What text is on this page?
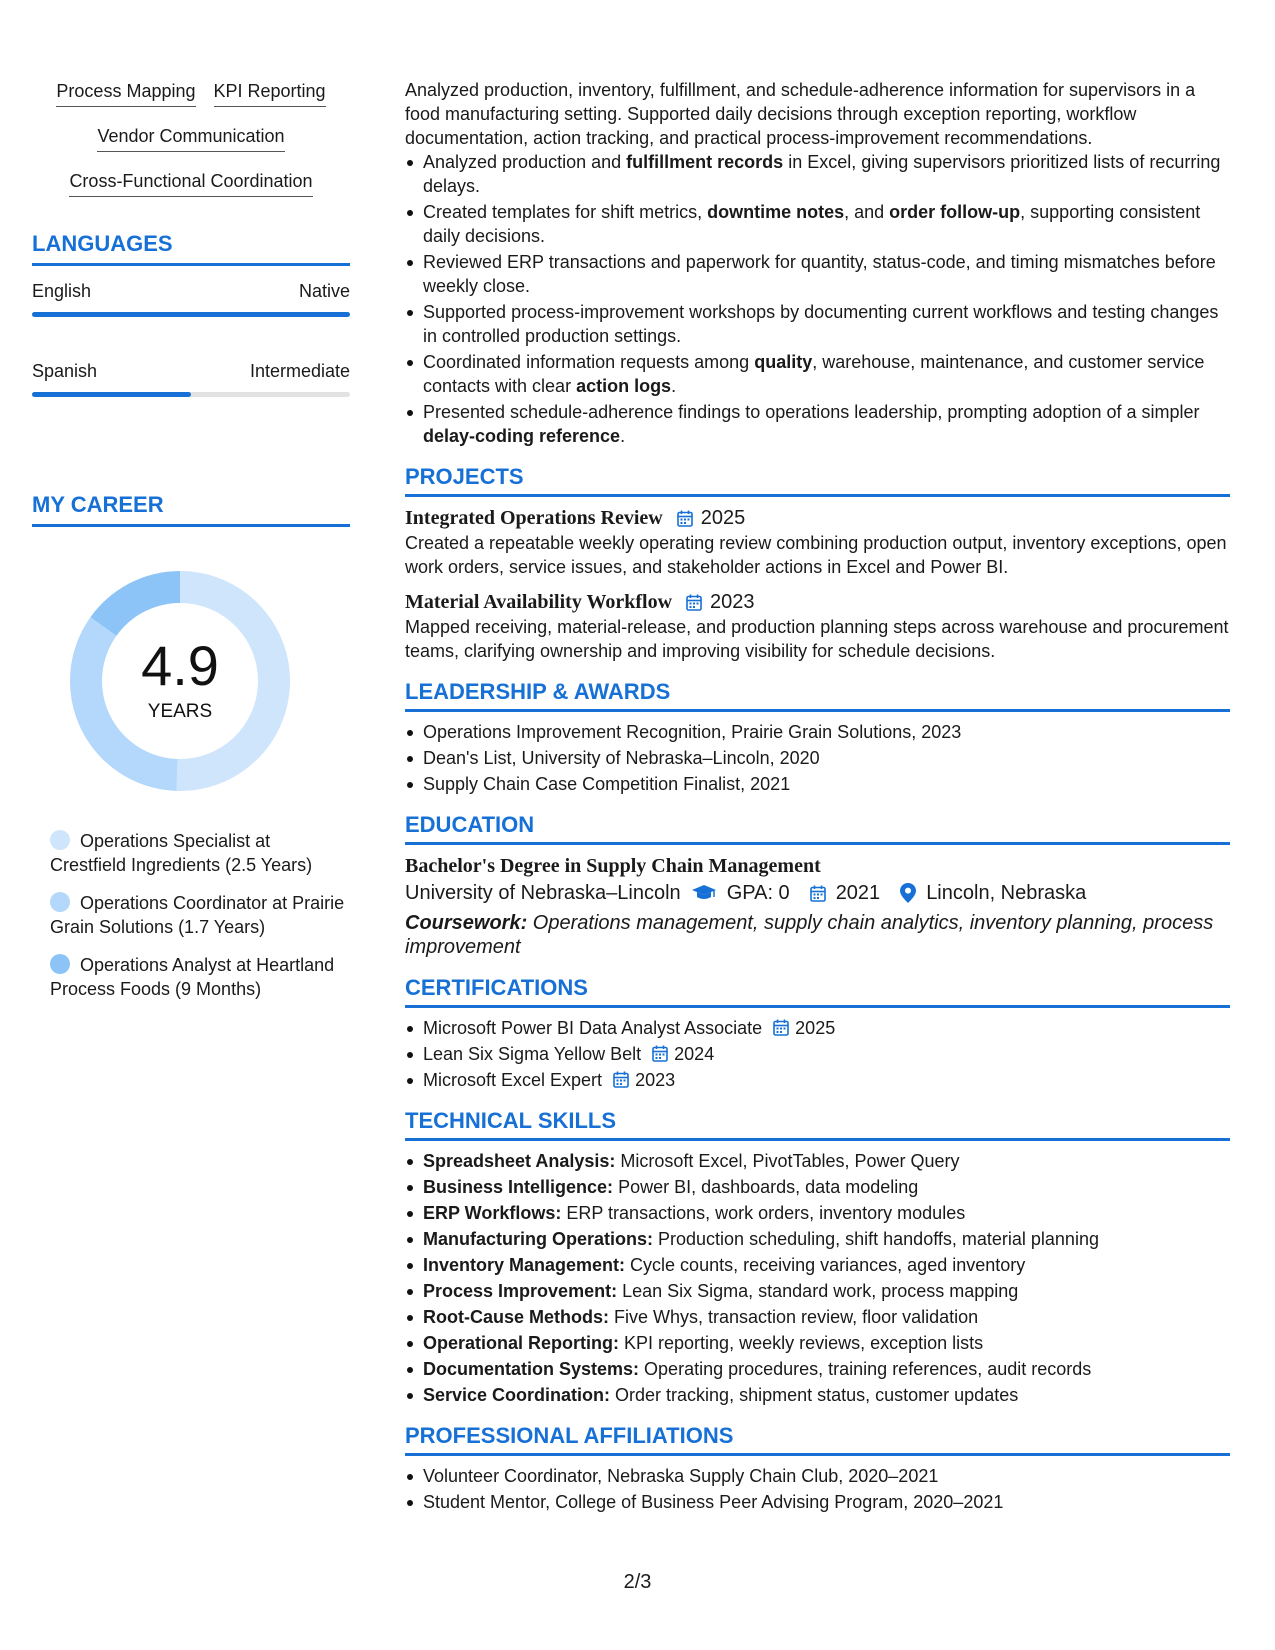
Process Mapping KPI Reporting
Vendor Communication
Cross-Functional Coordination
LANGUAGES
English	Native
Spanish	Intermediate
MY CAREER
4.9
YEARS
Operations Specialist at Crestfield Ingredients (2.5 Years)
Operations Coordinator at Prairie Grain Solutions (1.7 Years)
Operations Analyst at Heartland Process Foods (9 Months)
Analyzed production, inventory, fulfillment, and schedule-adherence information for supervisors in a food manufacturing setting. Supported daily decisions through exception reporting, workflow documentation, action tracking, and practical process-improvement recommendations.
Analyzed production and fulfillment records in Excel, giving supervisors prioritized lists of recurring delays.
Created templates for shift metrics, downtime notes, and order follow-up, supporting consistent daily decisions.
Reviewed ERP transactions and paperwork for quantity, status-code, and timing mismatches before weekly close.
Supported process-improvement workshops by documenting current workflows and testing changes in controlled production settings.
Coordinated information requests among quality, warehouse, maintenance, and customer service contacts with clear action logs.
Presented schedule-adherence findings to operations leadership, prompting adoption of a simpler delay-coding reference.
PROJECTS
Integrated Operations Review 2025
Created a repeatable weekly operating review combining production output, inventory exceptions, open work orders, service issues, and stakeholder actions in Excel and Power BI.
Material Availability Workflow 2023
Mapped receiving, material-release, and production planning steps across warehouse and procurement teams, clarifying ownership and improving visibility for schedule decisions.
LEADERSHIP & AWARDS
Operations Improvement Recognition, Prairie Grain Solutions, 2023
Dean's List, University of Nebraska–Lincoln, 2020
Supply Chain Case Competition Finalist, 2021
EDUCATION
Bachelor's Degree in Supply Chain Management
University of Nebraska–Lincoln GPA: 0 2021 Lincoln, Nebraska
Coursework: Operations management, supply chain analytics, inventory planning, process improvement
CERTIFICATIONS
Microsoft Power BI Data Analyst Associate 2025
Lean Six Sigma Yellow Belt 2024
Microsoft Excel Expert 2023
TECHNICAL SKILLS
Spreadsheet Analysis: Microsoft Excel, PivotTables, Power Query
Business Intelligence: Power BI, dashboards, data modeling
ERP Workflows: ERP transactions, work orders, inventory modules
Manufacturing Operations: Production scheduling, shift handoffs, material planning
Inventory Management: Cycle counts, receiving variances, aged inventory
Process Improvement: Lean Six Sigma, standard work, process mapping
Root-Cause Methods: Five Whys, transaction review, floor validation
Operational Reporting: KPI reporting, weekly reviews, exception lists
Documentation Systems: Operating procedures, training references, audit records
Service Coordination: Order tracking, shipment status, customer updates
PROFESSIONAL AFFILIATIONS
Volunteer Coordinator, Nebraska Supply Chain Club, 2020–2021
Student Mentor, College of Business Peer Advising Program, 2020–2021
2/3
